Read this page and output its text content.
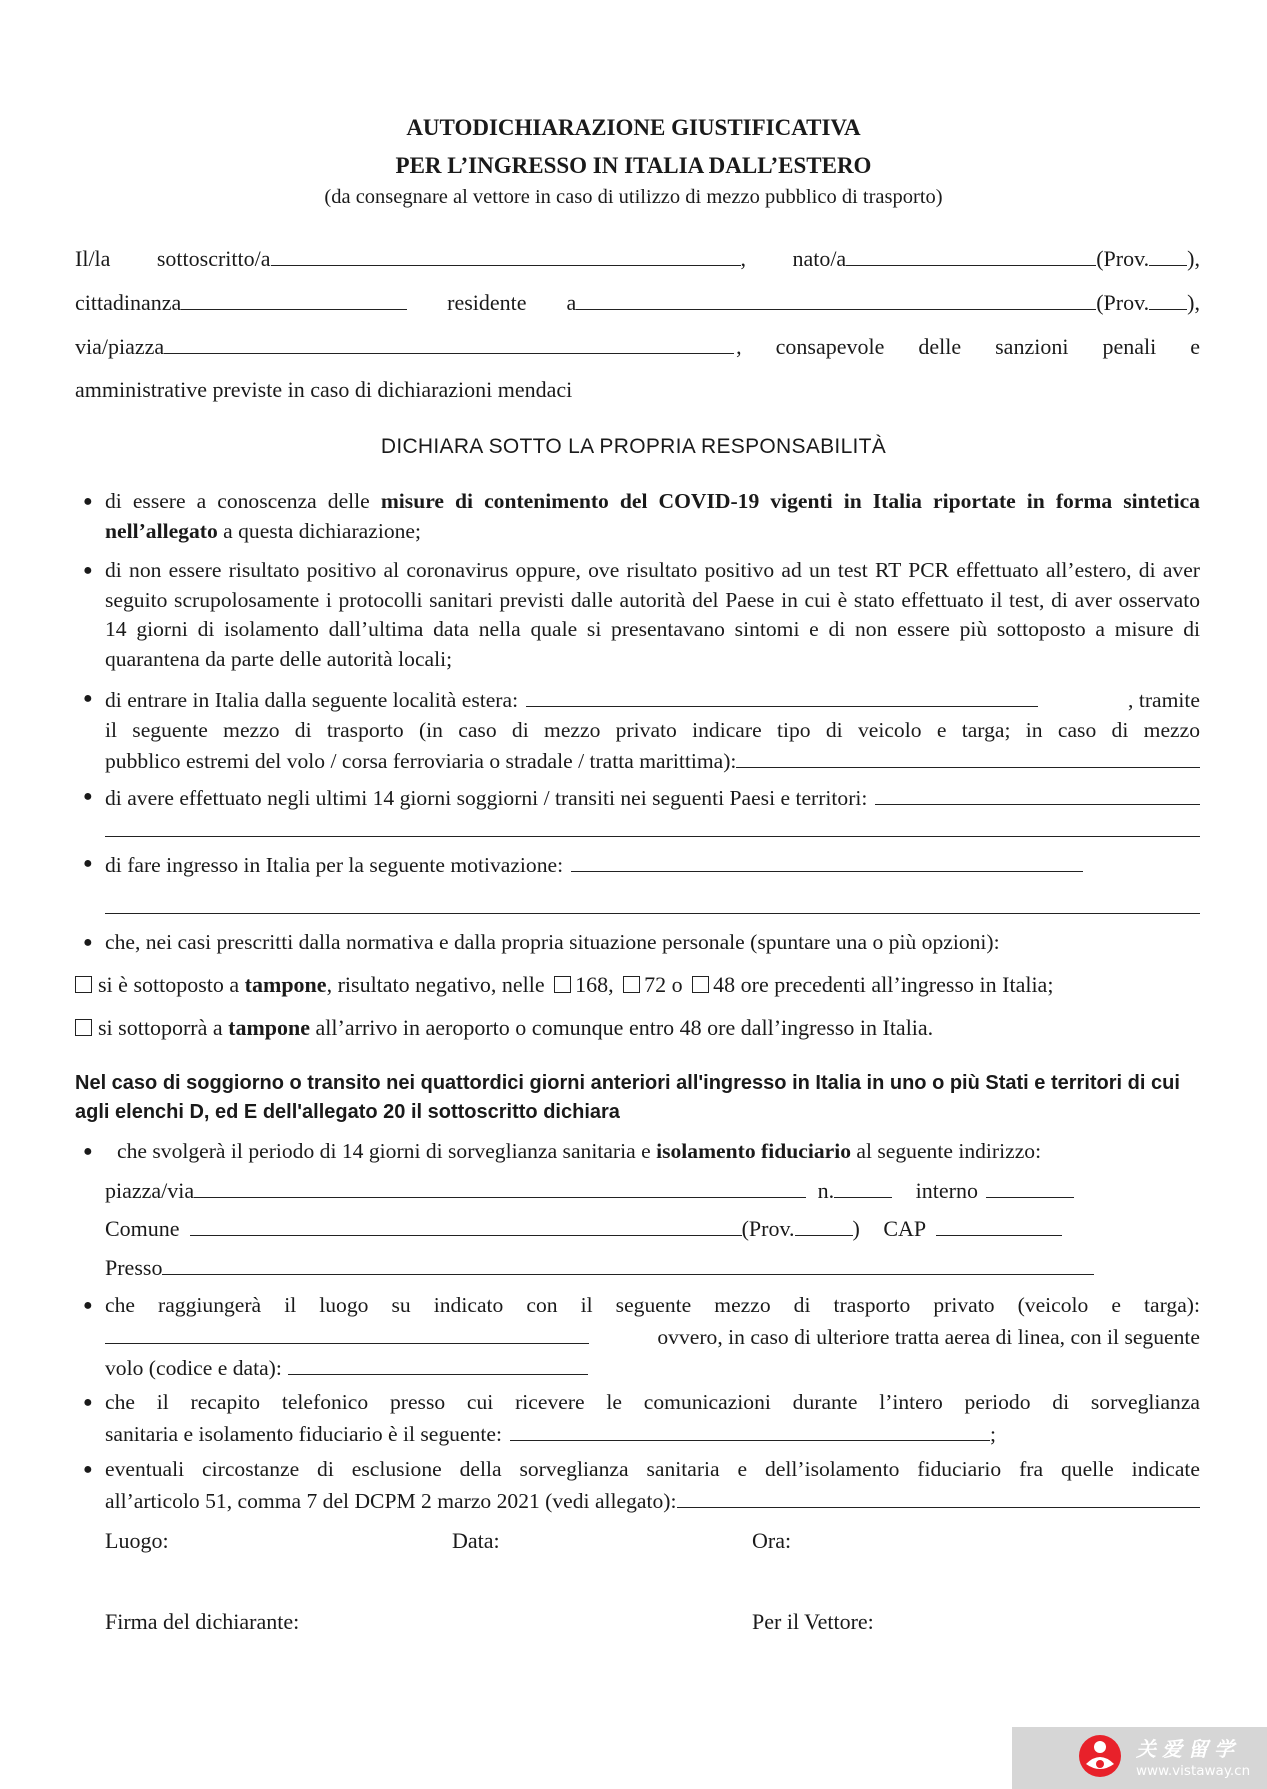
AUTODICHIARAZIONE GIUSTIFICATIVA
PER L’INGRESSO IN ITALIA DALL’ESTERO
(da consegnare al vettore in caso di utilizzo di mezzo pubblico di trasporto)
Il/la sottoscritto/a	, nato/a	(Prov. ),
cittadinanza	residente a	(Prov. ),
via/piazza	, consapevole delle sanzioni penali e
amministrative previste in caso di dichiarazioni mendaci
DICHIARA SOTTO LA PROPRIA RESPONSABILITÀ
● di essere a conoscenza delle misure di contenimento del COVID-19 vigenti in Italia riportate in forma sintetica nell’allegato a questa dichiarazione;
● di non essere risultato positivo al coronavirus oppure, ove risultato positivo ad un test RT PCR effettuato all’estero, di aver seguito scrupolosamente i protocolli sanitari previsti dalle autorità del Paese in cui è stato effettuato il test, di aver osservato 14 giorni di isolamento dall’ultima data nella quale si presentavano sintomi e di non essere più sottoposto a misure di quarantena da parte delle autorità locali;
● di entrare in Italia dalla seguente località estera:	, tramite
il seguente mezzo di trasporto (in caso di mezzo privato indicare tipo di veicolo e targa; in caso di mezzo
pubblico estremi del volo / corsa ferroviaria o stradale / tratta marittima):
● di avere effettuato negli ultimi 14 giorni soggiorni / transiti nei seguenti Paesi e territori:
● di fare ingresso in Italia per la seguente motivazione:
● che, nei casi prescritti dalla normativa e dalla propria situazione personale (spuntare una o più opzioni):
si è sottoposto a tampone, risultato negativo, nelle 168, 72 o 48 ore precedenti all’ingresso in Italia;
si sottoporrà a tampone all’arrivo in aeroporto o comunque entro 48 ore dall’ingresso in Italia.
Nel caso di soggiorno o transito nei quattordici giorni anteriori all'ingresso in Italia in uno o più Stati e territori di cui agli elenchi D, ed E dell'allegato 20 il sottoscritto dichiara
● che svolgerà il periodo di 14 giorni di sorveglianza sanitaria e isolamento fiduciario al seguente indirizzo:
piazza/via	n.	interno
Comune	(Prov.	) CAP
Presso
● che raggiungerà il luogo su indicato con il seguente mezzo di trasporto privato (veicolo e targa):
ovvero, in caso di ulteriore tratta aerea di linea, con il seguente
volo (codice e data):
● che il recapito telefonico presso cui ricevere le comunicazioni durante l’intero periodo di sorveglianza
sanitaria e isolamento fiduciario è il seguente:	;
● eventuali circostanze di esclusione della sorveglianza sanitaria e dell’isolamento fiduciario fra quelle indicate
all’articolo 51, comma 7 del DCPM 2 marzo 2021 (vedi allegato):
Luogo:	Data:	Ora:
Firma del dichiarante:	Per il Vettore:
关爱留学
www.vistaway.cn
